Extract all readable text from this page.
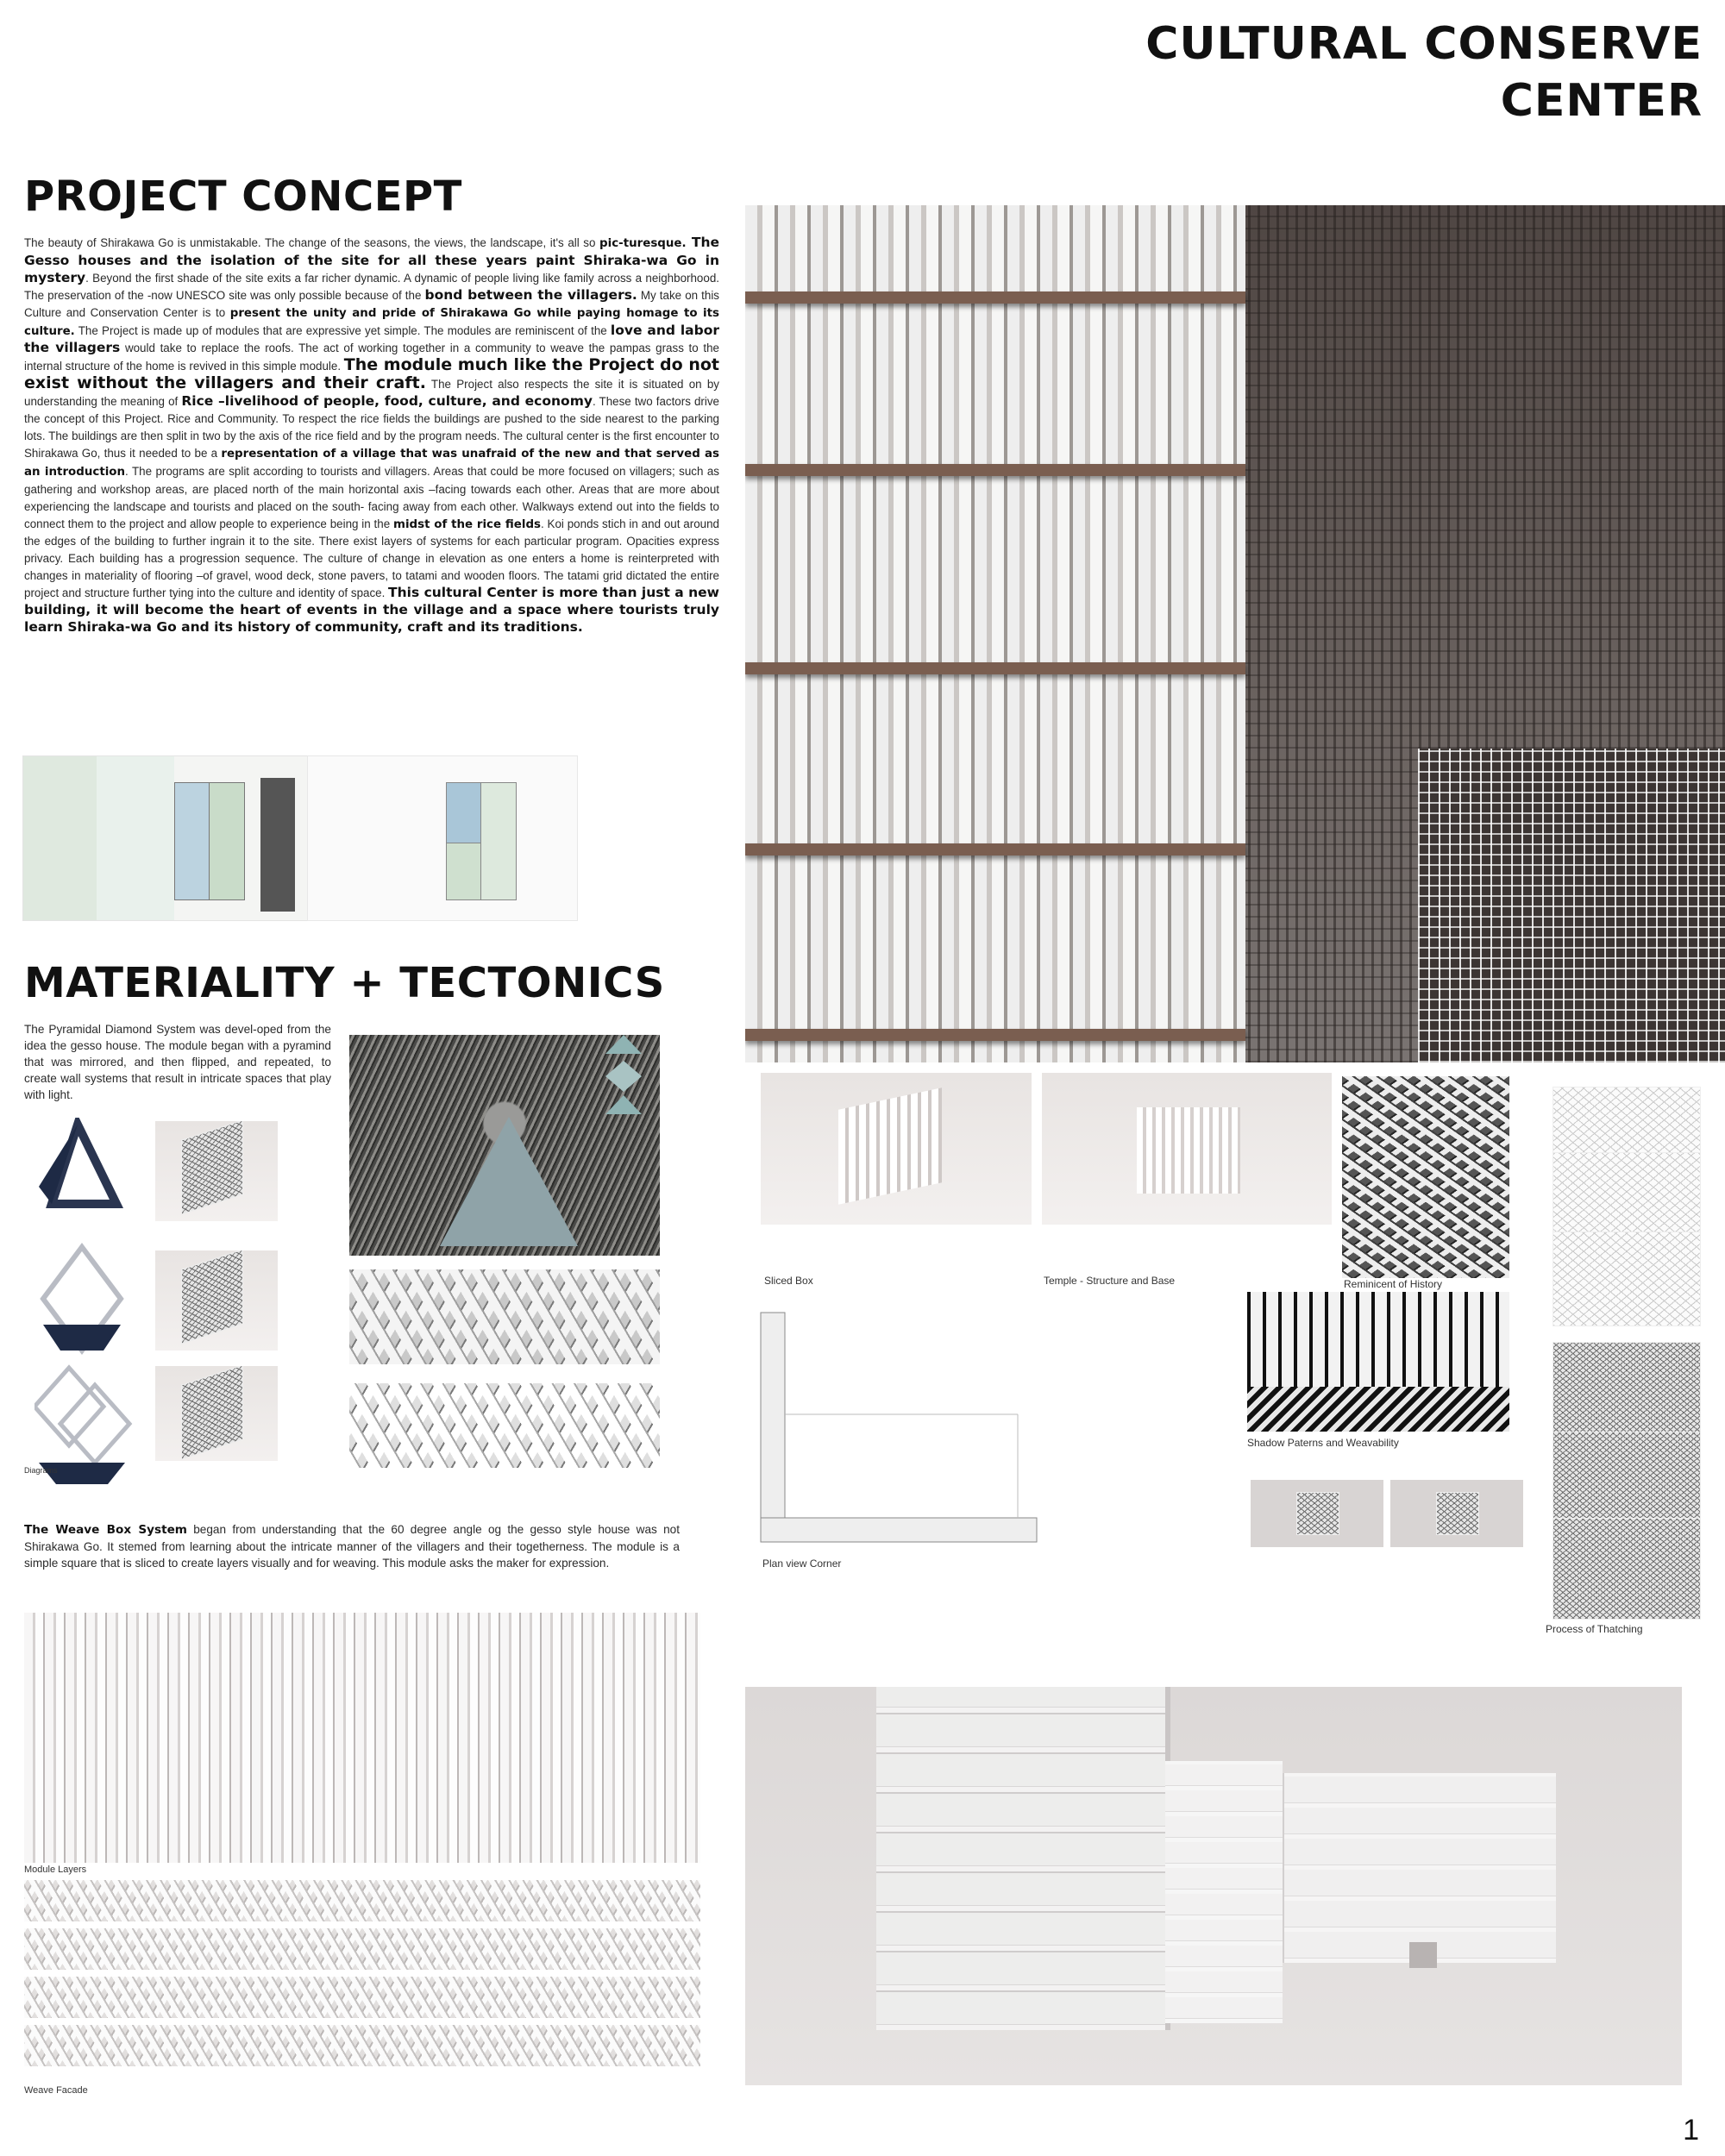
CULTURAL CONSERVE
CENTER
PROJECT CONCEPT
The beauty of Shirakawa Go is unmistakable. The change of the seasons, the views, the landscape, it's all so pic-turesque. The Gesso houses and the isolation of the site for all these years paint Shiraka-wa Go in mystery. Beyond the first shade of the site exits a far richer dynamic. A dynamic of people living like family across a neighborhood. The preservation of the -now UNESCO site was only possible because of the bond between the villagers. My take on this Culture and Conservation Center is to present the unity and pride of Shirakawa Go while paying homage to its culture. The Project is made up of modules that are expressive yet simple. The modules are reminiscent of the love and labor the villagers would take to replace the roofs. The act of working together in a community to weave the pampas grass to the internal structure of the home is revived in this simple module. The module much like the Project do not exist without the villagers and their craft. The Project also respects the site it is situated on by understanding the meaning of Rice –livelihood of people, food, culture, and economy. These two factors drive the concept of this Project. Rice and Community. To respect the rice fields the buildings are pushed to the side nearest to the parking lots. The buildings are then split in two by the axis of the rice field and by the program needs. The cultural center is the first encounter to Shirakawa Go, thus it needed to be a representation of a village that was unafraid of the new and that served as an introduction. The programs are split according to tourists and villagers. Areas that could be more focused on villagers; such as gathering and workshop areas, are placed north of the main horizontal axis –facing towards each other. Areas that are more about experiencing the landscape and tourists and placed on the south- facing away from each other. Walkways extend out into the fields to connect them to the project and allow people to experience being in the midst of the rice fields. Koi ponds stich in and out around the edges of the building to further ingrain it to the site. There exist layers of systems for each particular program. Opacities express privacy. Each building has a progression sequence. The culture of change in elevation as one enters a home is reinterpreted with changes in materiality of flooring –of gravel, wood deck, stone pavers, to tatami and wooden floors. The tatami grid dictated the entire project and structure further tying into the culture and identity of space. This cultural Center is more than just a new building, it will become the heart of events in the village and a space where tourists truly learn Shiraka-wa Go and its history of community, craft and its traditions.
MATERIALITY + TECTONICS
The Pyramidal Diamond System was devel-oped from the idea the gesso house. The module began with a pyramind that was mirrored, and then flipped, and repeated, to create wall systems that result in intricate spaces that play with light.
Diagrams
The Weave Box System began from understanding that the 60 degree angle og the gesso style house was not Shirakawa Go. It stemed from learning about the intricate manner of the villagers and their togetherness. The module is a simple square that is sliced to create layers visually and for weaving. This module asks the maker for expression.
Module Layers
Weave Facade
Sliced Box	Temple - Structure and Base	Reminicent of History
Shadow Paterns and Weavability
Plan view Corner
Process of Thatching
1
